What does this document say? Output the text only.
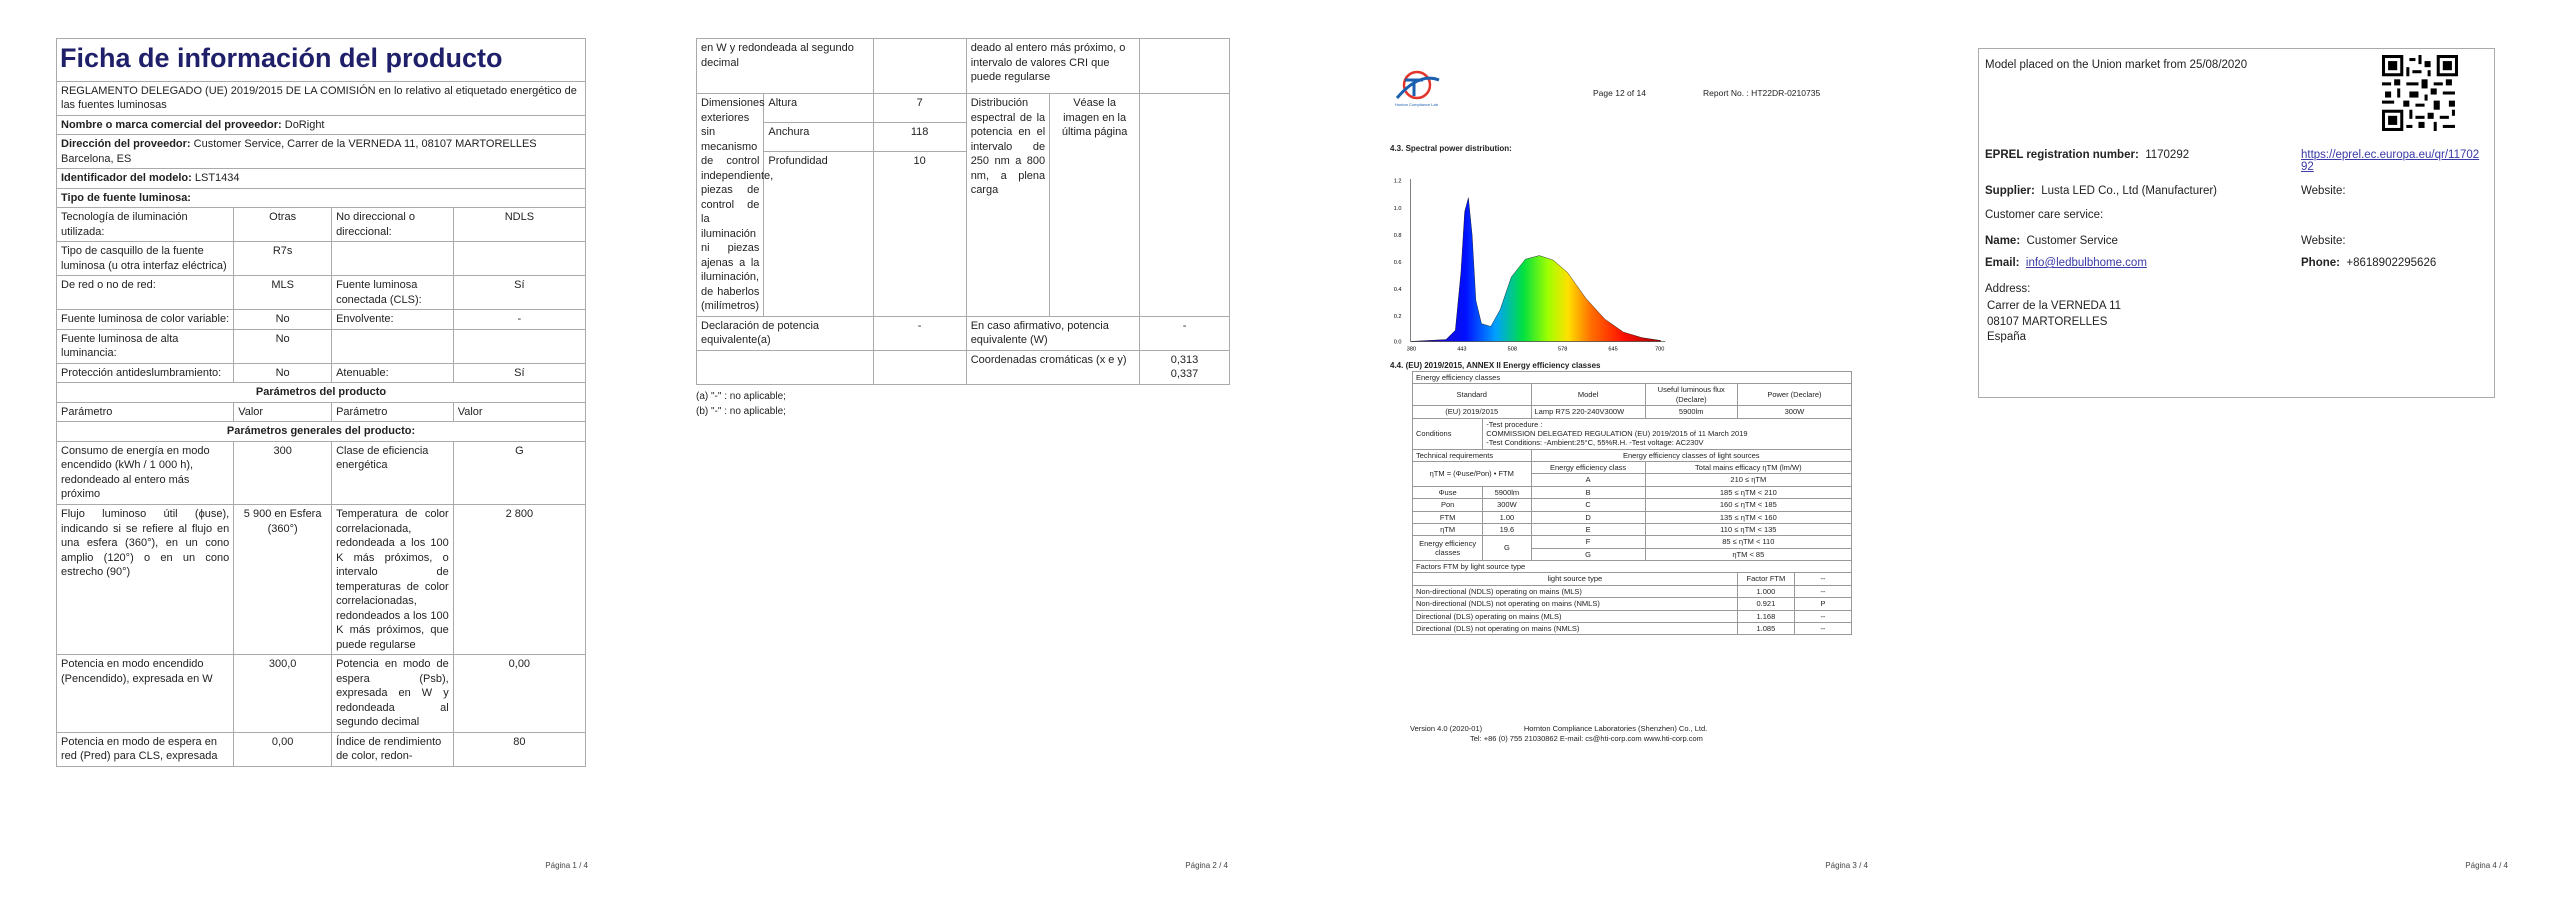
Ficha de información del producto
REGLAMENTO DELEGADO (UE) 2019/2015 DE LA COMISIÓN en lo relativo al etiquetado energético de las fuentes luminosas			
Nombre o marca comercial del proveedor: DoRight			
Dirección del proveedor: Customer Service, Carrer de la VERNEDA 11, 08107 MARTORELLES Barcelona, ES			
Identificador del modelo: LST1434			
Tipo de fuente luminosa:			
Tecnología de iluminación utilizada:	Otras	No direccional o direccional:	NDLS
Tipo de casquillo de la fuente luminosa (u otra interfaz eléctrica)	R7s		
De red o no de red:	MLS	Fuente luminosa conectada (CLS):	Sí
Fuente luminosa de color variable:	No	Envolvente:	-
Fuente luminosa de alta luminancia:	No		
Protección antideslumbramiento:	No	Atenuable:	Sí
Parámetros del producto			
Parámetro	Valor	Parámetro	Valor
Parámetros generales del producto:			
Consumo de energía en modo encendido (kWh / 1 000 h), redondeado al entero más próximo	300	Clase de eficiencia energética	G
Flujo luminoso útil (ϕuse), indicando si se refiere al flujo en una esfera (360°), en un cono amplio (120°) o en un cono estrecho (90°)	5 900 en Esfera (360°)	Temperatura de color correlacionada, redondeada a los 100 K más próximos, o intervalo de temperaturas de color correlacionadas, redondeados a los 100 K más próximos, que puede regularse	2 800
Potencia en modo encendido (Pencendido), expresada en W	300,0	Potencia en modo de espera (Psb), expresada en W y redondeada al segundo decimal	0,00
Potencia en modo de espera en red (Pred) para CLS, expresada	0,00	Índice de rendimiento de color, redon-	80
Página 1 / 4
en W y redondeada al segundo decimal			deado al entero más próximo, o intervalo de valores CRI que puede regularse		
Dimensiones exteriores sin mecanismo de control independiente, piezas de control de la iluminación ni piezas ajenas a la iluminación, de haberlos (milímetros)	Altura	7	Distribución espectral de la potencia en el intervalo de 250 nm a 800 nm, a plena carga	Véase la imagen en la última página	
	Anchura	118			
	Profundidad	10			
Declaración de potencia equivalente(a)		-	En caso afirmativo, potencia equivalente (W)		-
			Coordenadas cromáticas (x e y)		0,313
0,337
(a) "-" : no aplicable;
(b) "-" : no aplicable;
Página 2 / 4
Hunton Compliance Lab
Page 12 of 14	Report No. : HT22DR-0210735
4.3. Spectral power distribution:
1.2
1.0
0.8
0.6
0.4
0.2
0.0
380	443	508	578	645	700
4.4. (EU) 2019/2015, ANNEX II Energy efficiency classes
Energy efficiency classes					
Standard		Model	Useful luminous flux (Declare)	Power (Declare)	
(EU) 2019/2015		Lamp R7S 220-240V300W	5900lm	300W	
Conditions	-Test procedure :
COMMISSION DELEGATED REGULATION (EU) 2019/2015 of 11 March 2019
-Test Conditions: -Ambient:25°C, 55%R.H. -Test voltage: AC230V				

Technical requirements		Energy efficiency classes of light sources			
ηTM = (Φuse/Pon) • FTM		Energy efficiency class	Total mains efficacy ηTM (lm/W)		
		A	210 ≤ ηTM		
Φuse	5900lm	B	185 ≤ ηTM < 210		
Pon	300W	C	160 ≤ ηTM < 185		
FTM	1.00	D	135 ≤ ηTM < 160		
ηTM	19.6	E	110 ≤ ηTM < 135		
Energy efficiency classes	G	F	85 ≤ ηTM < 110		
		G	ηTM < 85		
Factors FTM by light source type					
light source type				Factor FTM	--
Non-directional (NDLS) operating on mains (MLS)				1.000	--
Non-directional (NDLS) not operating on mains (NMLS)				0.921	P
Directional (DLS) operating on mains (MLS)				1.168	--
Directional (DLS) not operating on mains (NMLS)				1.085	--
Version 4.0 (2020-01)	Hornton Compliance Laboratories (Shenzhen) Co., Ltd.
Tel: +86 (0) 755 21030862 E-mail: cs@hti-corp.com www.hti-corp.com
Página 3 / 4
Model placed on the Union market from 25/08/2020
EPREL registration number: 1170292	https://eprel.ec.europa.eu/qr/1170292
Supplier: Lusta LED Co., Ltd (Manufacturer)	Website:
Customer care service:
Name: Customer Service	Website:
Email: info@ledbulbhome.com	Phone: +8618902295626
Address:
Carrer de la VERNEDA 11
08107 MARTORELLES
España
Página 4 / 4
